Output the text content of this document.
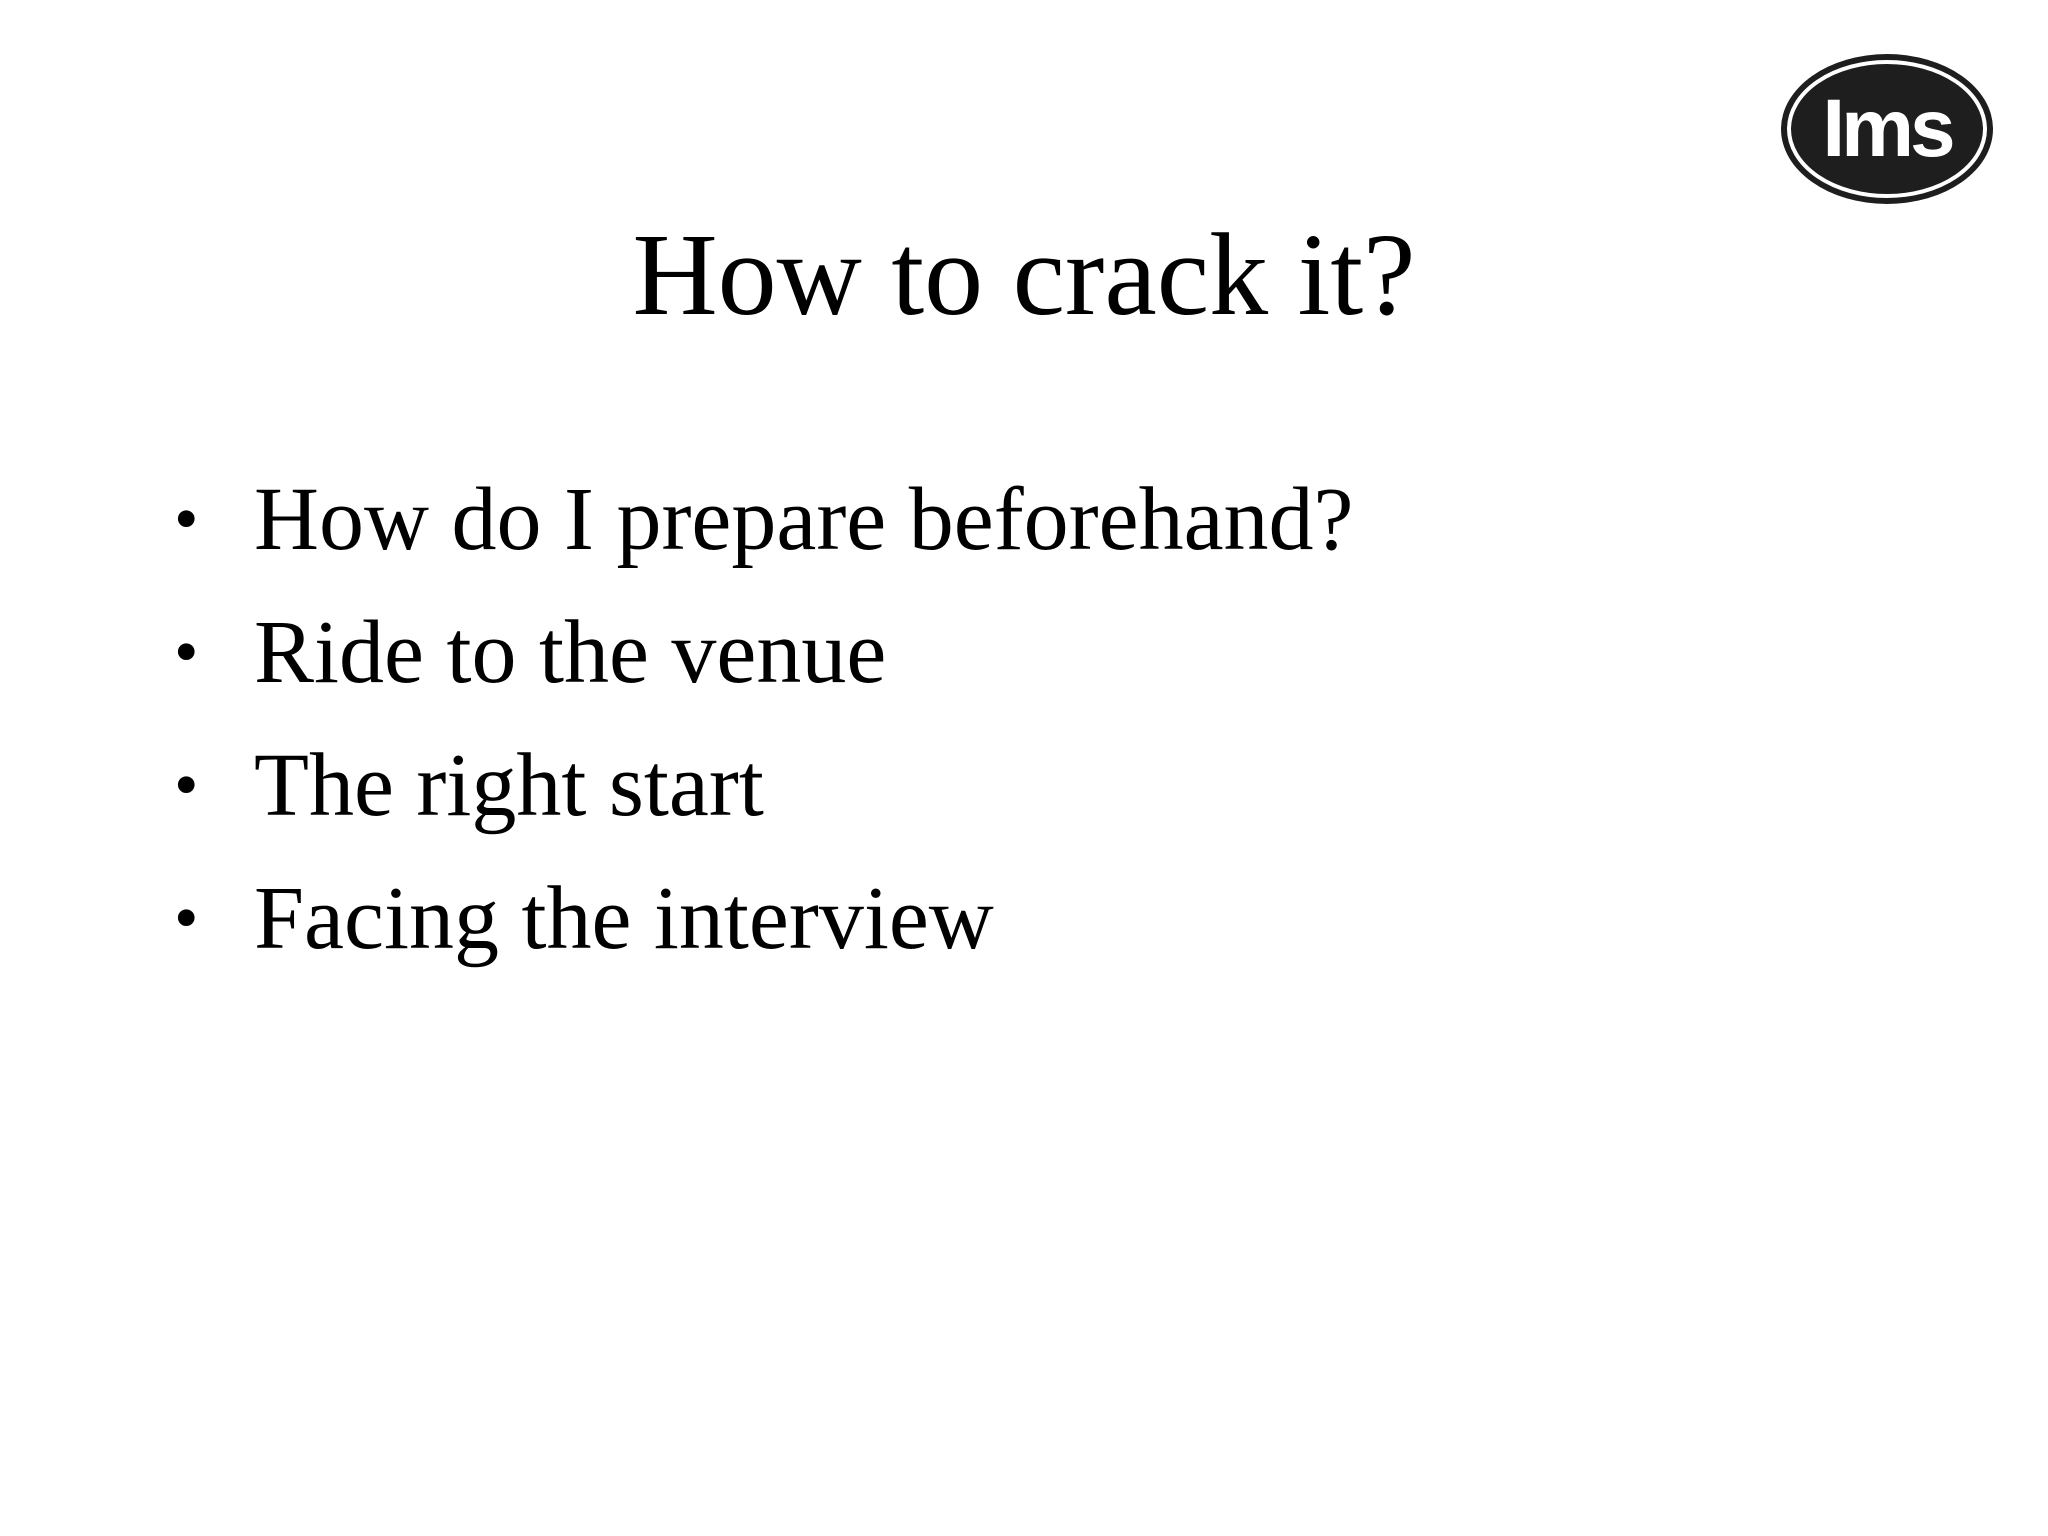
Ims
How to crack it?
• How do I prepare beforehand?
• Ride to the venue
• The right start
• Facing the interview
